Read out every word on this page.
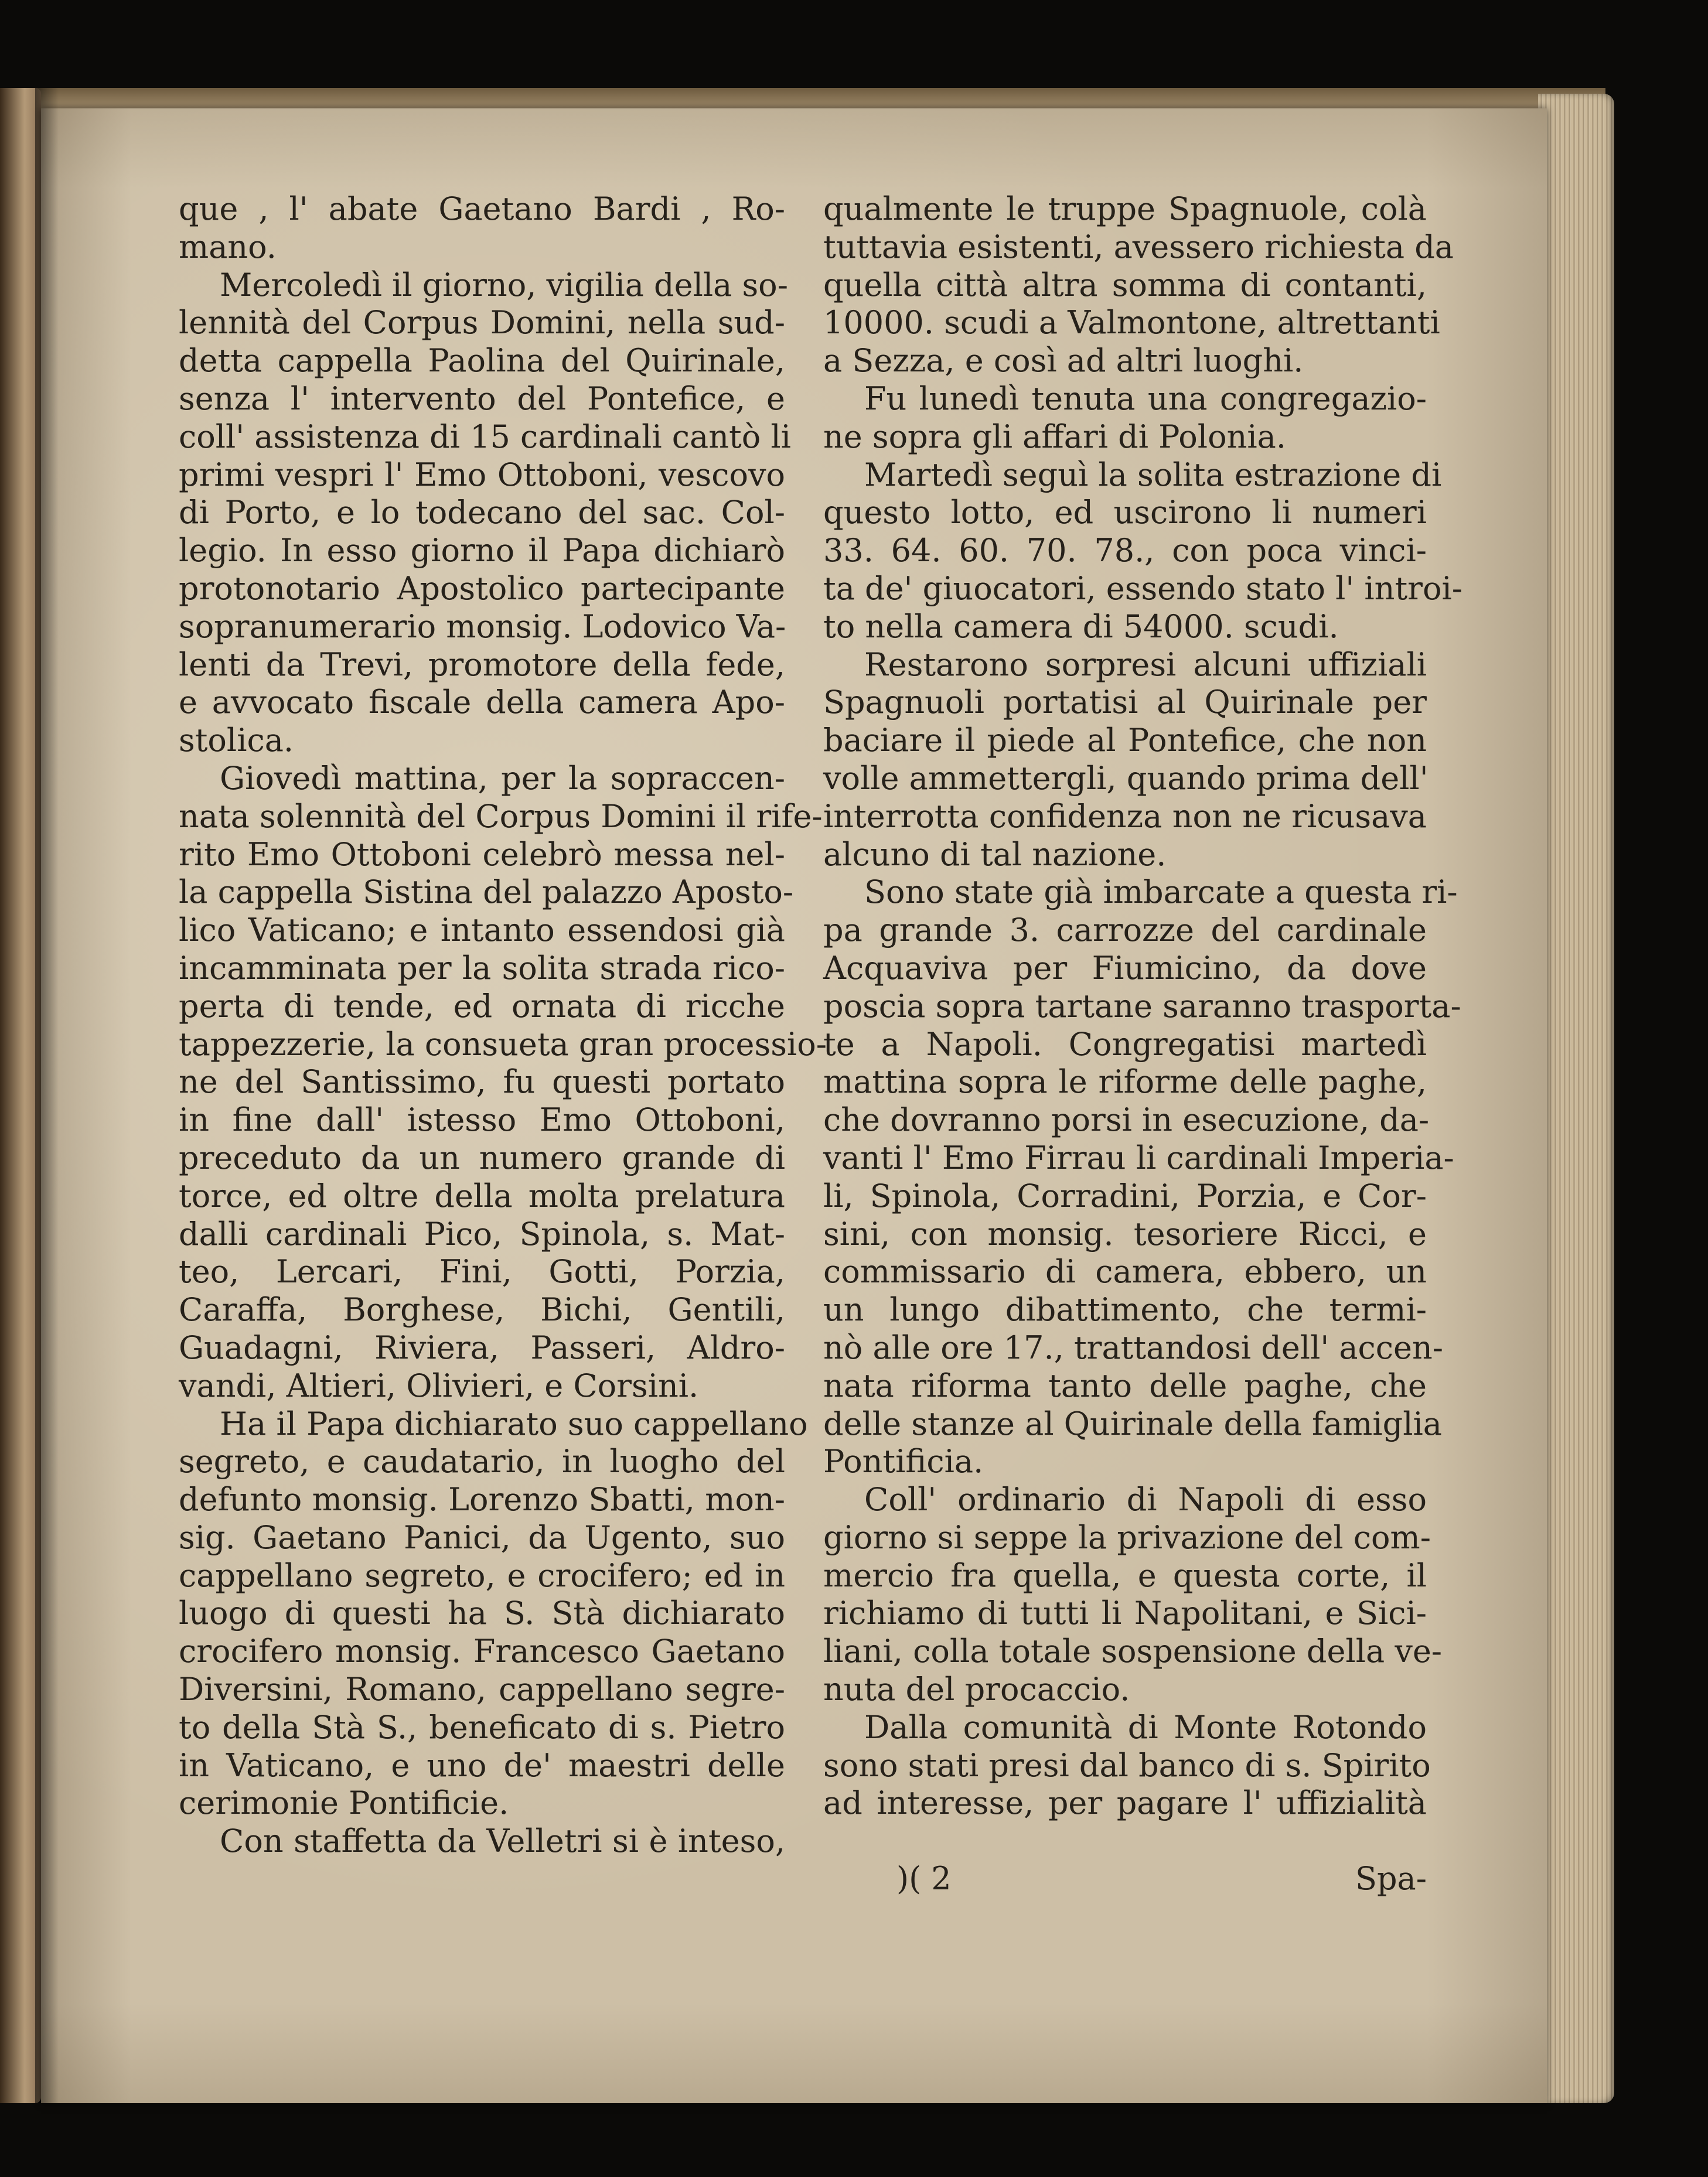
que , l' abate Gaetano Bardi , Ro-
mano.
Mercoledì il giorno, vigilia della so-
lennità del Corpus Domini, nella sud-
detta cappella Paolina del Quirinale,
senza l' intervento del Pontefice, e
coll' assistenza di 15 cardinali cantò li
primi vespri l' Emo Ottoboni, vescovo
di Porto, e lo todecano del sac. Col-
legio. In esso giorno il Papa dichiarò
protonotario Apostolico partecipante
sopranumerario monsig. Lodovico Va-
lenti da Trevi, promotore della fede,
e avvocato fiscale della camera Apo-
stolica.
Giovedì mattina, per la sopraccen-
nata solennità del Corpus Domini il rife-
rito Emo Ottoboni celebrò messa nel-
la cappella Sistina del palazzo Aposto-
lico Vaticano; e intanto essendosi già
incamminata per la solita strada rico-
perta di tende, ed ornata di ricche
tappezzerie, la consueta gran processio-
ne del Santissimo, fu questi portato
in fine dall' istesso Emo Ottoboni,
preceduto da un numero grande di
torce, ed oltre della molta prelatura
dalli cardinali Pico, Spinola, s. Mat-
teo, Lercari, Fini, Gotti, Porzia,
Caraffa, Borghese, Bichi, Gentili,
Guadagni, Riviera, Passeri, Aldro-
vandi, Altieri, Olivieri, e Corsini.
Ha il Papa dichiarato suo cappellano
segreto, e caudatario, in luogho del
defunto monsig. Lorenzo Sbatti, mon-
sig. Gaetano Panici, da Ugento, suo
cappellano segreto, e crocifero; ed in
luogo di questi ha S. Stà dichiarato
crocifero monsig. Francesco Gaetano
Diversini, Romano, cappellano segre-
to della Stà S., beneficato di s. Pietro
in Vaticano, e uno de' maestri delle
cerimonie Pontificie.
Con staffetta da Velletri si è inteso,
qualmente le truppe Spagnuole, colà
tuttavia esistenti, avessero richiesta da
quella città altra somma di contanti,
10000. scudi a Valmontone, altrettanti
a Sezza, e così ad altri luoghi.
Fu lunedì tenuta una congregazio-
ne sopra gli affari di Polonia.
Martedì seguì la solita estrazione di
questo lotto, ed uscirono li numeri
33. 64. 60. 70. 78., con poca vinci-
ta de' giuocatori, essendo stato l' introi-
to nella camera di 54000. scudi.
Restarono sorpresi alcuni uffiziali
Spagnuoli portatisi al Quirinale per
baciare il piede al Pontefice, che non
volle ammettergli, quando prima dell'
interrotta confidenza non ne ricusava
alcuno di tal nazione.
Sono state già imbarcate a questa ri-
pa grande 3. carrozze del cardinale
Acquaviva per Fiumicino, da dove
poscia sopra tartane saranno trasporta-
te a Napoli. Congregatisi martedì
mattina sopra le riforme delle paghe,
che dovranno porsi in esecuzione, da-
vanti l' Emo Firrau li cardinali Imperia-
li, Spinola, Corradini, Porzia, e Cor-
sini, con monsig. tesoriere Ricci, e
commissario di camera, ebbero, un
un lungo dibattimento, che termi-
nò alle ore 17., trattandosi dell' accen-
nata riforma tanto delle paghe, che
delle stanze al Quirinale della famiglia
Pontificia.
Coll' ordinario di Napoli di esso
giorno si seppe la privazione del com-
mercio fra quella, e questa corte, il
richiamo di tutti li Napolitani, e Sici-
liani, colla totale sospensione della ve-
nuta del procaccio.
Dalla comunità di Monte Rotondo
sono stati presi dal banco di s. Spirito
ad interesse, per pagare l' uffizialità
)( 2	Spa-
